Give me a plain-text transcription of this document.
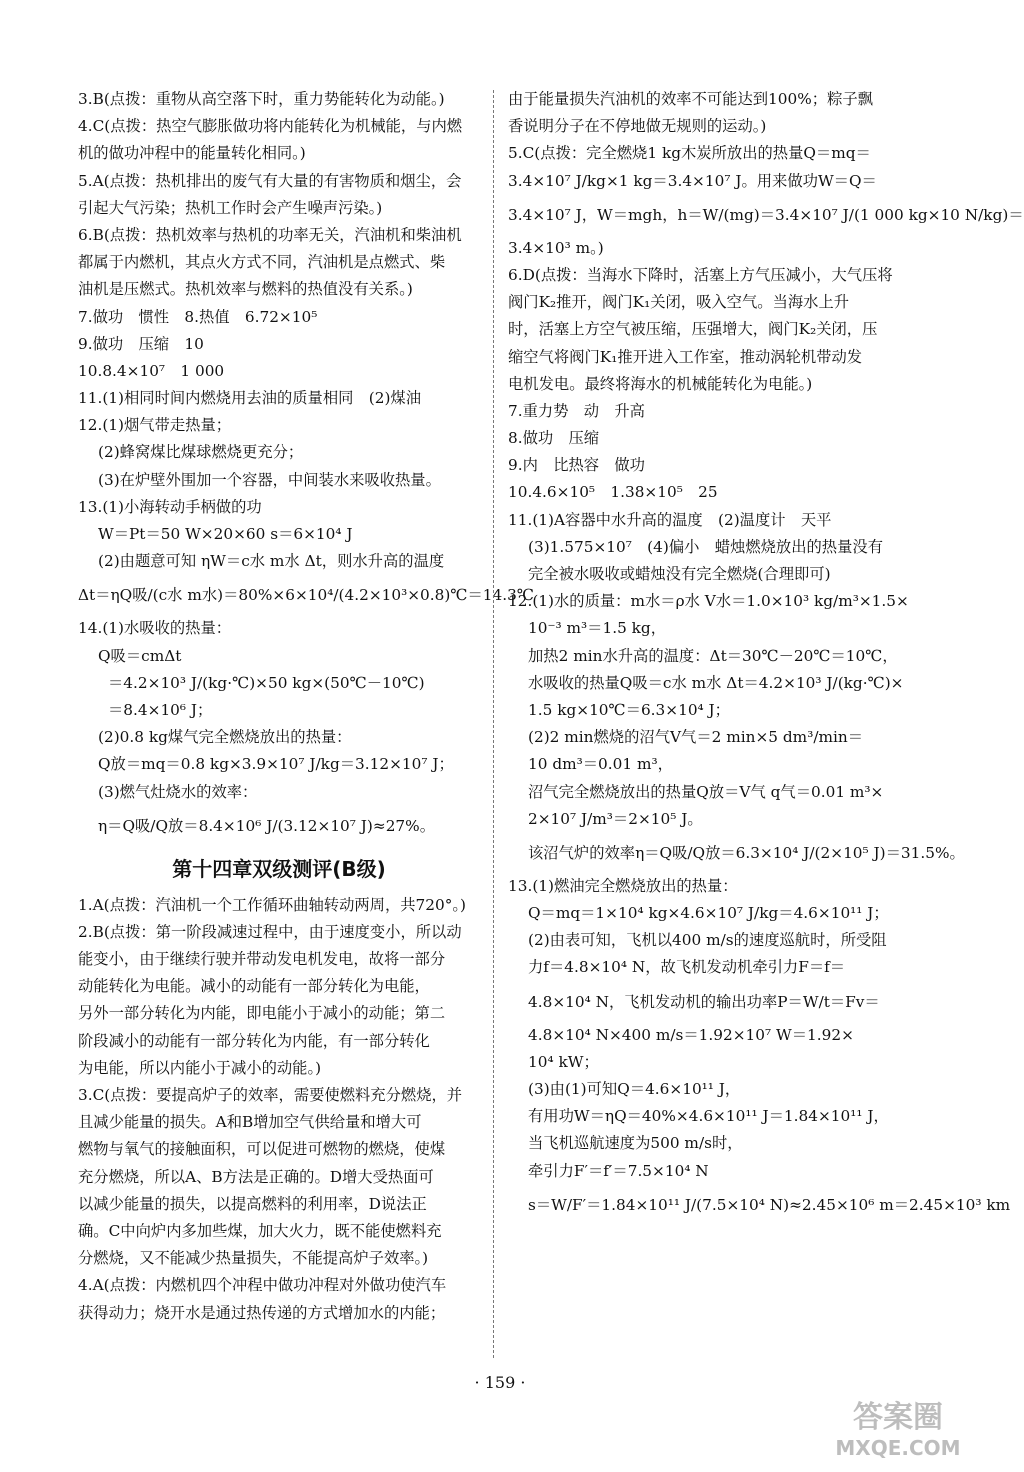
3.B(点拨：重物从高空落下时，重力势能转化为动能。)
4.C(点拨：热空气膨胀做功将内能转化为机械能，与内燃
机的做功冲程中的能量转化相同。)
5.A(点拨：热机排出的废气有大量的有害物质和烟尘，会
引起大气污染；热机工作时会产生噪声污染。)
6.B(点拨：热机效率与热机的功率无关，汽油机和柴油机
都属于内燃机，其点火方式不同，汽油机是点燃式、柴
油机是压燃式。热机效率与燃料的热值没有关系。)
7.做功　惯性　8.热值　6.72×10⁵
9.做功　压缩　10
10.8.4×10⁷　1 000
11.(1)相同时间内燃烧用去油的质量相同　(2)煤油
12.(1)烟气带走热量；
(2)蜂窝煤比煤球燃烧更充分；
(3)在炉壁外围加一个容器，中间装水来吸收热量。
13.(1)小海转动手柄做的功
W＝Pt＝50 W×20×60 s＝6×10⁴ J
(2)由题意可知 ηW＝c水 m水 Δt，则水升高的温度
Δt＝ηQ吸/(c水 m水)＝80%×6×10⁴/(4.2×10³×0.8)℃＝14.3℃
14.(1)水吸收的热量：
Q吸＝cmΔt
＝4.2×10³ J/(kg·℃)×50 kg×(50℃－10℃)
＝8.4×10⁶ J；
(2)0.8 kg煤气完全燃烧放出的热量：
Q放＝mq＝0.8 kg×3.9×10⁷ J/kg＝3.12×10⁷ J；
(3)燃气灶烧水的效率：
η＝Q吸/Q放＝8.4×10⁶ J/(3.12×10⁷ J)≈27%。
第十四章双级测评(B级)
1.A(点拨：汽油机一个工作循环曲轴转动两周，共720°。)
2.B(点拨：第一阶段减速过程中，由于速度变小，所以动
能变小，由于继续行驶并带动发电机发电，故将一部分
动能转化为电能。减小的动能有一部分转化为电能，
另外一部分转化为内能，即电能小于减小的动能；第二
阶段减小的动能有一部分转化为内能，有一部分转化
为电能，所以内能小于减小的动能。)
3.C(点拨：要提高炉子的效率，需要使燃料充分燃烧，并
且减少能量的损失。A和B增加空气供给量和增大可
燃物与氧气的接触面积，可以促进可燃物的燃烧，使煤
充分燃烧，所以A、B方法是正确的。D增大受热面可
以减少能量的损失，以提高燃料的利用率，D说法正
确。C中向炉内多加些煤，加大火力，既不能使燃料充
分燃烧，又不能减少热量损失，不能提高炉子效率。)
4.A(点拨：内燃机四个冲程中做功冲程对外做功使汽车
获得动力；烧开水是通过热传递的方式增加水的内能；
由于能量损失汽油机的效率不可能达到100%；粽子飘
香说明分子在不停地做无规则的运动。)
5.C(点拨：完全燃烧1 kg木炭所放出的热量Q＝mq＝
3.4×10⁷ J/kg×1 kg＝3.4×10⁷ J。用来做功W＝Q＝
3.4×10⁷ J，W＝mgh，h＝W/(mg)＝3.4×10⁷ J/(1 000 kg×10 N/kg)＝
3.4×10³ m。)
6.D(点拨：当海水下降时，活塞上方气压减小，大气压将
阀门K₂推开，阀门K₁关闭，吸入空气。当海水上升
时，活塞上方空气被压缩，压强增大，阀门K₂关闭，压
缩空气将阀门K₁推开进入工作室，推动涡轮机带动发
电机发电。最终将海水的机械能转化为电能。)
7.重力势　动　升高
8.做功　压缩
9.内　比热容　做功
10.4.6×10⁵　1.38×10⁵　25
11.(1)A容器中水升高的温度　(2)温度计　天平
(3)1.575×10⁷　(4)偏小　蜡烛燃烧放出的热量没有
完全被水吸收或蜡烛没有完全燃烧(合理即可)
12.(1)水的质量：m水＝ρ水 V水＝1.0×10³ kg/m³×1.5×
10⁻³ m³＝1.5 kg，
加热2 min水升高的温度：Δt＝30℃－20℃＝10℃，
水吸收的热量Q吸＝c水 m水 Δt＝4.2×10³ J/(kg·℃)×
1.5 kg×10℃＝6.3×10⁴ J；
(2)2 min燃烧的沼气V气＝2 min×5 dm³/min＝
10 dm³＝0.01 m³，
沼气完全燃烧放出的热量Q放＝V气 q气＝0.01 m³×
2×10⁷ J/m³＝2×10⁵ J。
该沼气炉的效率η＝Q吸/Q放＝6.3×10⁴ J/(2×10⁵ J)＝31.5%。
13.(1)燃油完全燃烧放出的热量：
Q＝mq＝1×10⁴ kg×4.6×10⁷ J/kg＝4.6×10¹¹ J；
(2)由表可知，飞机以400 m/s的速度巡航时，所受阻
力f＝4.8×10⁴ N，故飞机发动机牵引力F＝f＝
4.8×10⁴ N，飞机发动机的输出功率P＝W/t＝Fv＝
4.8×10⁴ N×400 m/s＝1.92×10⁷ W＝1.92×
10⁴ kW；
(3)由(1)可知Q＝4.6×10¹¹ J，
有用功W＝ηQ＝40%×4.6×10¹¹ J＝1.84×10¹¹ J，
当飞机巡航速度为500 m/s时，
牵引力F′＝f′＝7.5×10⁴ N
s＝W/F′＝1.84×10¹¹ J/(7.5×10⁴ N)≈2.45×10⁶ m＝2.45×10³ km
· 159 ·
答案圈
MXQE.COM
